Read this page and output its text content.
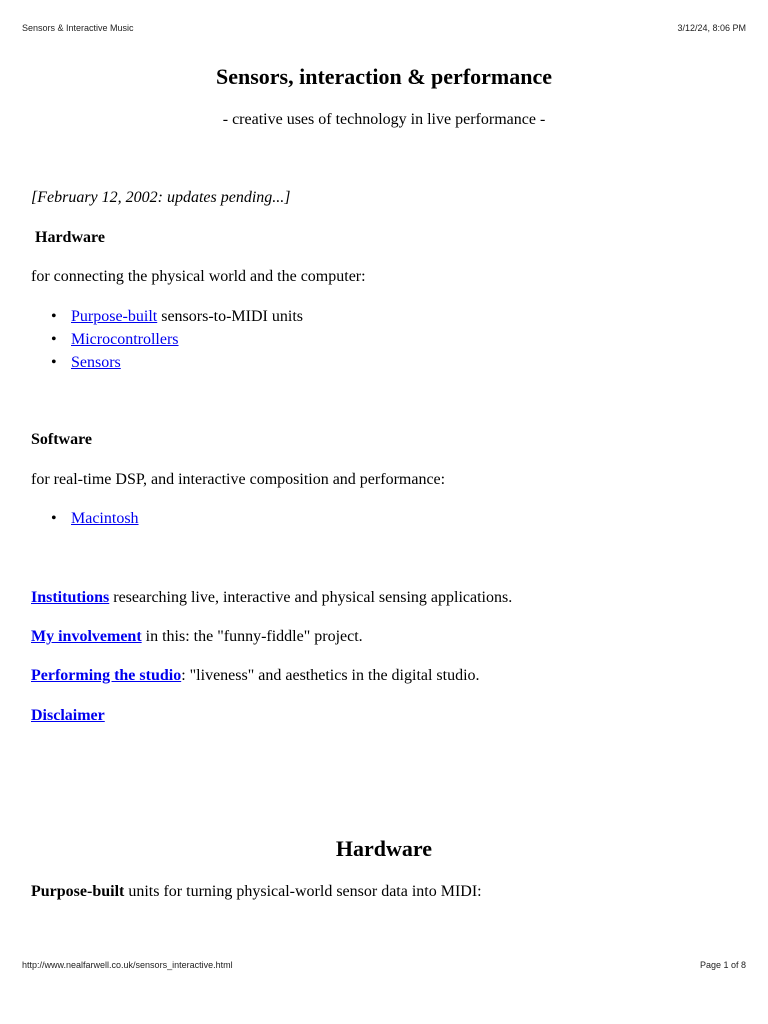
Sensors & Interactive Music	3/12/24, 8:06 PM
Sensors, interaction & performance

- creative uses of technology in live performance -

[February 12, 2002: updates pending...]

Hardware

for connecting the physical world and the computer:

• Purpose-built sensors-to-MIDI units
• Microcontrollers
• Sensors

Software

for real-time DSP, and interactive composition and performance:

• Macintosh

Institutions researching live, interactive and physical sensing applications.

My involvement in this: the "funny-fiddle" project.

Performing the studio: "liveness" and aesthetics in the digital studio.

Disclaimer

Hardware

Purpose-built units for turning physical-world sensor data into MIDI:

http://www.nealfarwell.co.uk/sensors_interactive.html	Page 1 of 8
